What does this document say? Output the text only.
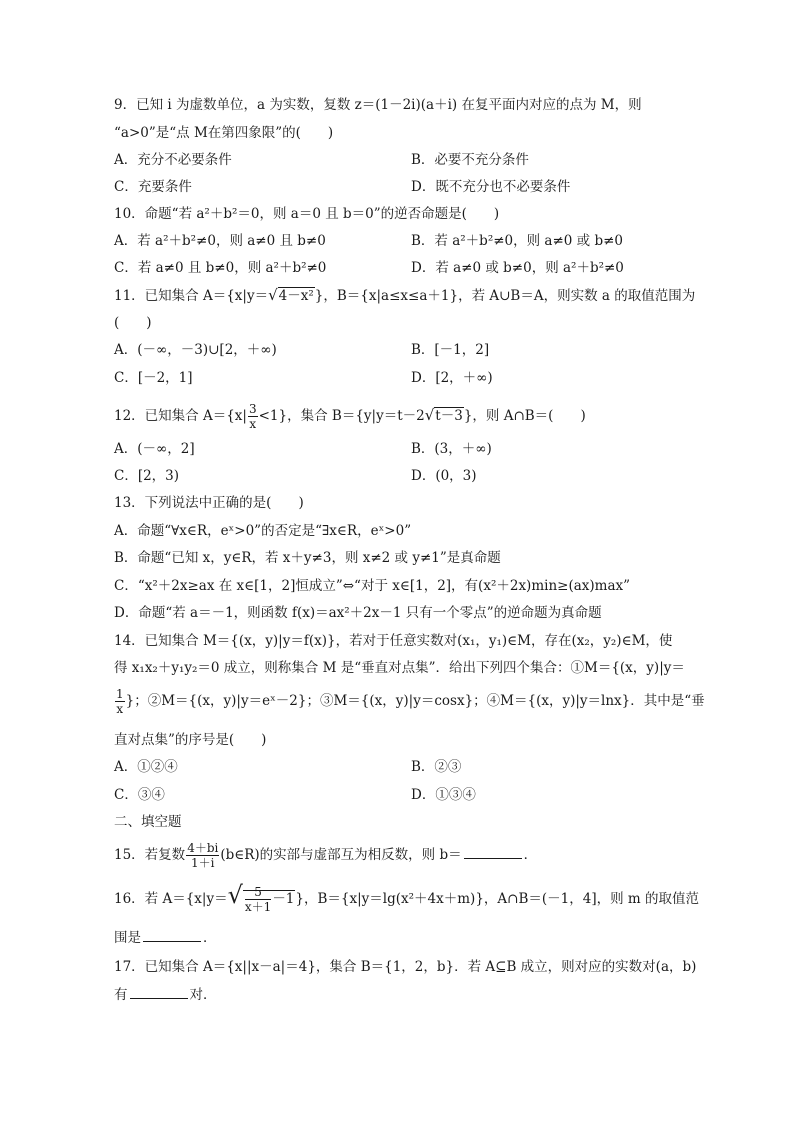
9．已知 i 为虚数单位，a 为实数，复数 z＝(1－2i)(a＋i) 在复平面内对应的点为 M，则
“a>0”是“点 M在第四象限”的(　　)
A．充分不必要条件	B．必要不充分条件
C．充要条件	D．既不充分也不必要条件
10．命题“若 a²＋b²＝0，则 a＝0 且 b＝0”的逆否命题是(　　)
A．若 a²＋b²≠0，则 a≠0 且 b≠0	B．若 a²＋b²≠0，则 a≠0 或 b≠0
C．若 a≠0 且 b≠0，则 a²＋b²≠0	D．若 a≠0 或 b≠0，则 a²＋b²≠0
11．已知集合 A＝{x|y＝√4－x²}，B＝{x|a≤x≤a＋1}，若 A∪B＝A，则实数 a 的取值范围为
(　　)
A．(－∞，－3)∪[2，＋∞)	B．[－1，2]
C．[－2，1]	D．[2，＋∞)
12．已知集合 $A=\{x| \frac{3}{x} <1\}$，集合 B＝{y|y＝t－2√t－3}，则 A∩B＝(　　)
A．(－∞，2]	B．(3，＋∞)
C．[2，3)	D．(0，3)
13．下列说法中正确的是(　　)
A．命题“∀x∈R，eˣ>0”的否定是“∃x∈R，eˣ>0”
B．命题“已知 x，y∈R，若 x＋y≠3，则 x≠2 或 y≠1”是真命题
C．“x²＋2x≥ax 在 x∈[1，2]恒成立”⇔“对于 x∈[1，2]，有(x²＋2x)min≥(ax)max”
D．命题“若 a＝－1，则函数 f(x)＝ax²＋2x－1 只有一个零点”的逆命题为真命题
14．已知集合 M＝{(x，y)|y＝f(x)}，若对于任意实数对(x₁，y₁)∈M，存在(x₂，y₂)∈M，使
得 x₁x₂＋y₁y₂＝0 成立，则称集合 M 是“垂直对点集”．给出下列四个集合：①M＝{(x，y)|y＝
$\frac{1}{x}$ }；②M＝{(x，y)|y＝eˣ－2}；③M＝{(x，y)|y＝cosx}；④M＝{(x，y)|y＝lnx}．其中是“垂
直对点集”的序号是(　　)
A．①②④	B．②③
C．③④	D．①③④
二、填空题
15．若复数 $\frac{4+bi}{1+i}$ (b∈R)的实部与虚部互为相反数，则 b＝	．
16．若 $A=\{x|y=√ \frac{5}{x+1} -1\}$，B＝{x|y＝lg(x²＋4x＋m)}，A∩B＝(－1，4]，则 m 的取值范
围是	．
17．已知集合 A＝{x||x－a|＝4}，集合 B＝{1，2，b}．若 A⊆B 成立，则对应的实数对(a，b)
有	对．
